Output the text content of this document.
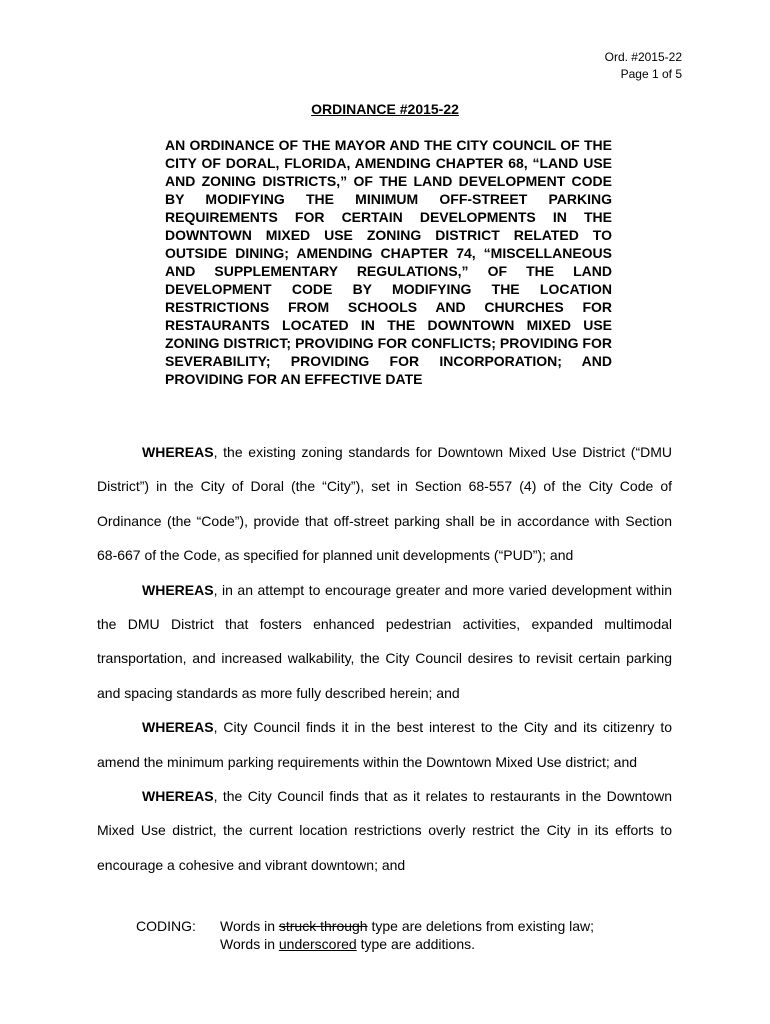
Ord. #2015-22
Page 1 of 5
ORDINANCE #2015-22
AN ORDINANCE OF THE MAYOR AND THE CITY COUNCIL OF THE CITY OF DORAL, FLORIDA, AMENDING CHAPTER 68, “LAND USE AND ZONING DISTRICTS,” OF THE LAND DEVELOPMENT CODE BY MODIFYING THE MINIMUM OFF-STREET PARKING REQUIREMENTS FOR CERTAIN DEVELOPMENTS IN THE DOWNTOWN MIXED USE ZONING DISTRICT RELATED TO OUTSIDE DINING; AMENDING CHAPTER 74, “MISCELLANEOUS AND SUPPLEMENTARY REGULATIONS,” OF THE LAND DEVELOPMENT CODE BY MODIFYING THE LOCATION RESTRICTIONS FROM SCHOOLS AND CHURCHES FOR RESTAURANTS LOCATED IN THE DOWNTOWN MIXED USE ZONING DISTRICT; PROVIDING FOR CONFLICTS; PROVIDING FOR SEVERABILITY; PROVIDING FOR INCORPORATION; AND PROVIDING FOR AN EFFECTIVE DATE

WHEREAS, the existing zoning standards for Downtown Mixed Use District (“DMU District”) in the City of Doral (the “City”), set in Section 68-557 (4) of the City Code of Ordinance (the “Code”), provide that off-street parking shall be in accordance with Section 68-667 of the Code, as specified for planned unit developments (“PUD”); and

WHEREAS, in an attempt to encourage greater and more varied development within the DMU District that fosters enhanced pedestrian activities, expanded multimodal transportation, and increased walkability, the City Council desires to revisit certain parking and spacing standards as more fully described herein; and

WHEREAS, City Council finds it in the best interest to the City and its citizenry to amend the minimum parking requirements within the Downtown Mixed Use district; and

WHEREAS, the City Council finds that as it relates to restaurants in the Downtown Mixed Use district, the current location restrictions overly restrict the City in its efforts to encourage a cohesive and vibrant downtown; and

CODING: Words in struck through type are deletions from existing law;
Words in underscored type are additions.
